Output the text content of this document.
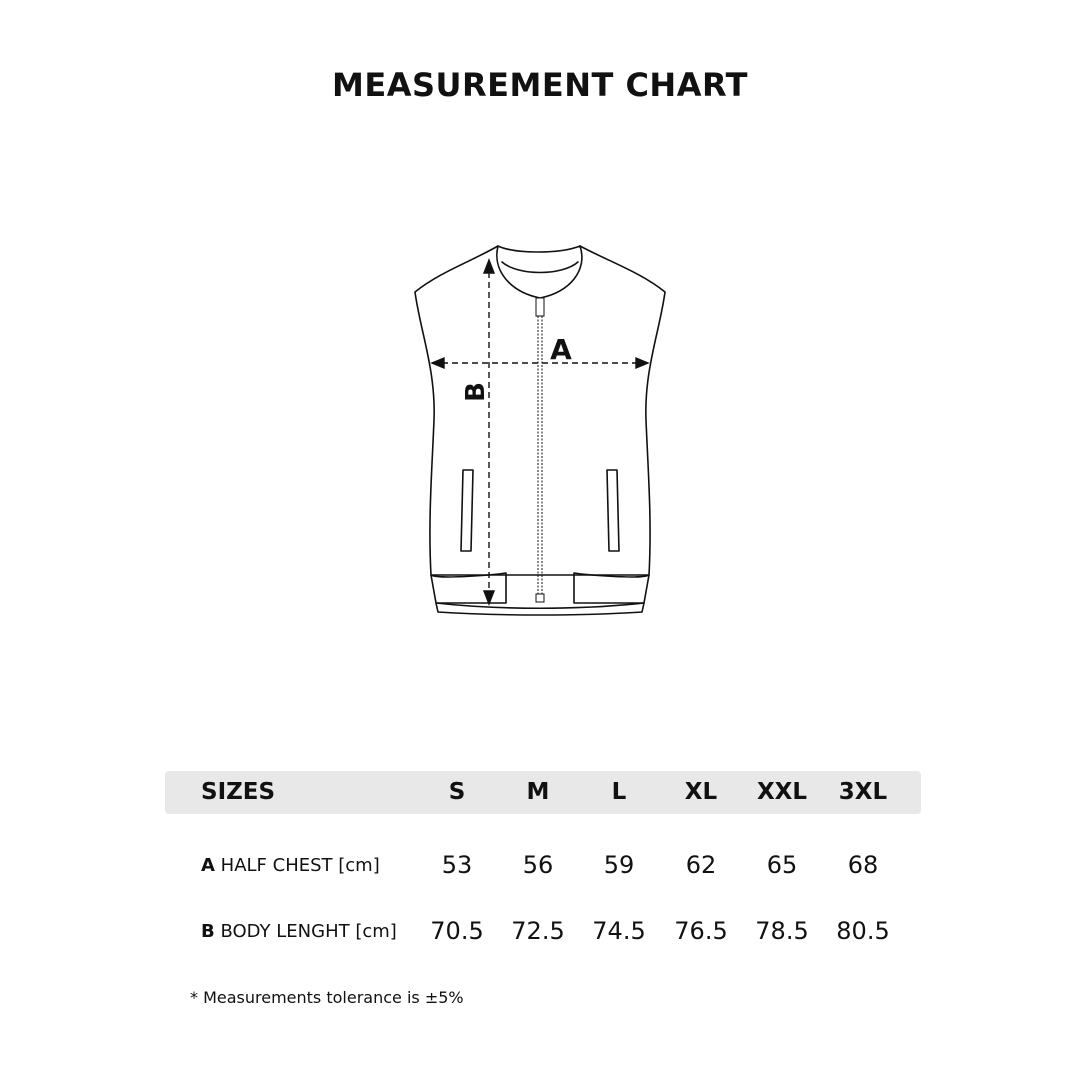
MEASUREMENT CHART
A
B
SIZES	S	M	L	XL	XXL	3XL
A HALF CHEST [cm]	53	56	59	62	65	68
B BODY LENGHT [cm]	70.5	72.5	74.5	76.5	78.5	80.5
* Measurements tolerance is ±5%
